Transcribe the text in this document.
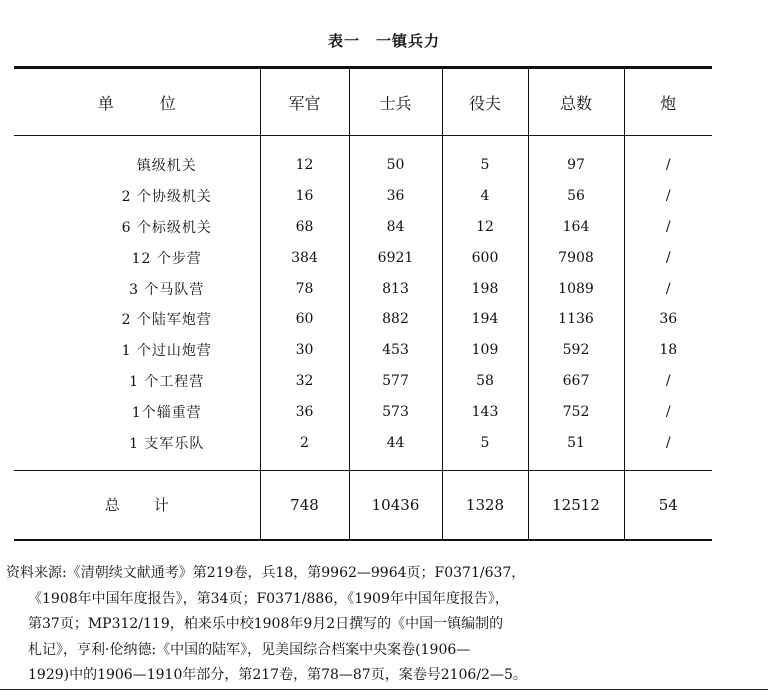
表一　一镇兵力
单位	军官	士兵	役夫	总数	炮

镇级机关	12	50	5	97	/
2 个协级机关	16	36	4	56	/
6 个标级机关	68	84	12	164	/
12 个步营	384	6921	600	7908	/
3 个马队营	78	813	198	1089	/
2 个陆军炮营	60	882	194	1136	36
1 个过山炮营	30	453	109	592	18
1 个工程营	32	577	58	667	/
1个辎重营	36	573	143	752	/
1 支军乐队	2	44	5	51	/

总计	748	10436	1328	12512	54
资料来源:《清朝续文献通考》第219卷，兵18，第9962—9964页；F0371/637，
《1908年中国年度报告》，第34页；F0371/886，《1909年中国年度报告》，
第37页；MP312/119，柏来乐中校1908年9月2日撰写的《中国一镇编制的
札记》，亨利·伦纳德:《中国的陆军》，见美国综合档案中央案卷(1906—
1929)中的1906—1910年部分，第217卷，第78—87页，案卷号2106/2—5。
